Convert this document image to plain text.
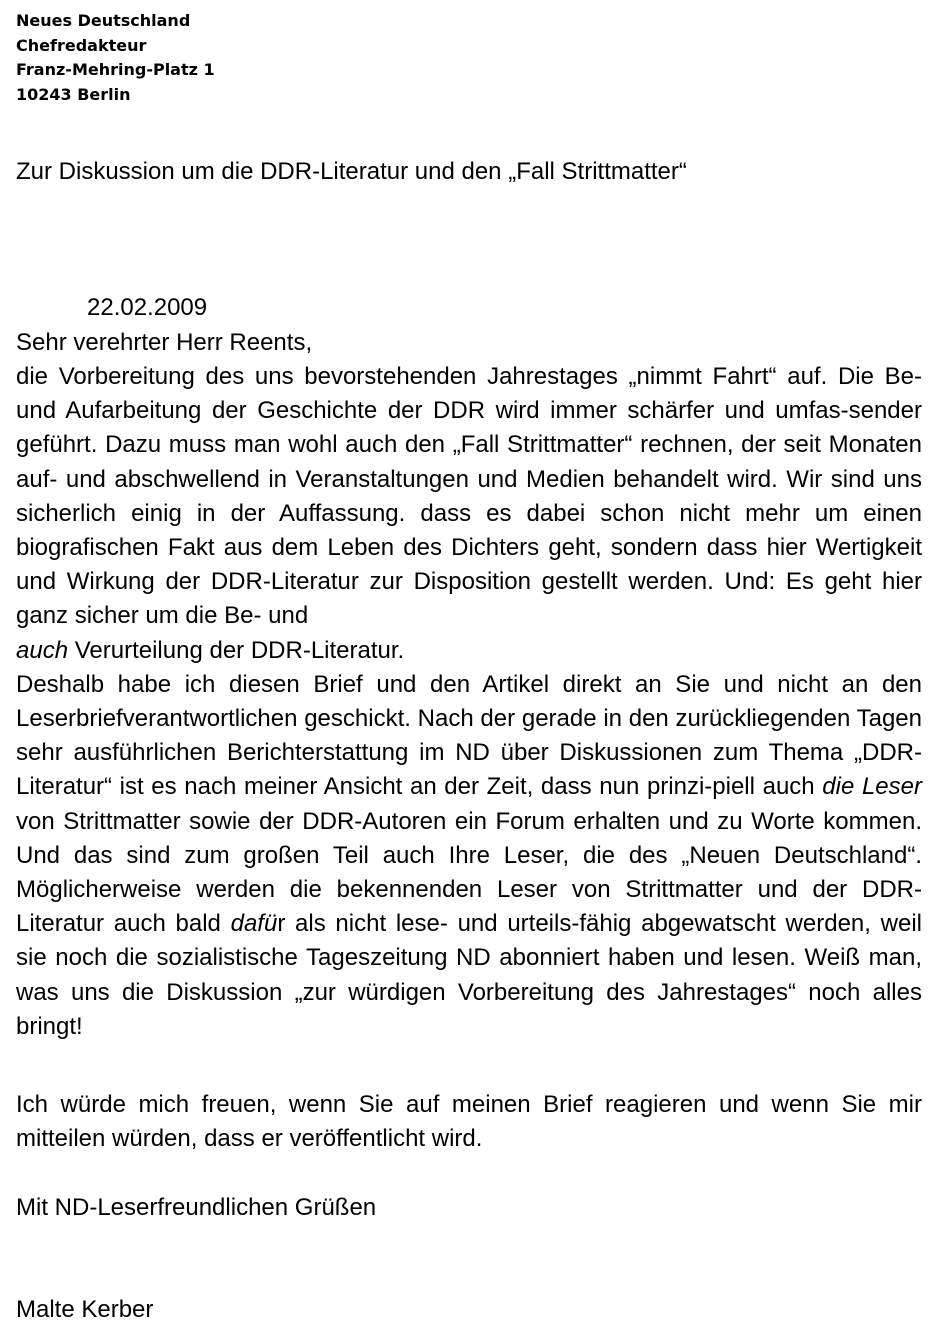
Neues Deutschland
Chefredakteur
Franz-Mehring-Platz 1
10243 Berlin
Zur Diskussion um die DDR-Literatur und den „Fall Strittmatter“
22.02.2009
Sehr verehrter Herr Reents,

die Vorbereitung des uns bevorstehenden Jahrestages „nimmt Fahrt“ auf. Die Be- und Aufarbeitung der Geschichte der DDR wird immer schärfer und umfas-sender geführt. Dazu muss man wohl auch den „Fall Strittmatter“ rechnen, der seit Monaten auf- und abschwellend in Veranstaltungen und Medien behandelt wird. Wir sind uns sicherlich einig in der Auffassung. dass es dabei schon nicht mehr um einen biografischen Fakt aus dem Leben des Dichters geht, sondern dass hier Wertigkeit und Wirkung der DDR-Literatur zur Disposition gestellt werden. Und: Es geht hier ganz sicher um die Be- und
auch Verurteilung der DDR-Literatur.

Deshalb habe ich diesen Brief und den Artikel direkt an Sie und nicht an den Leserbriefverantwortlichen geschickt. Nach der gerade in den zurückliegenden Tagen sehr ausführlichen Berichterstattung im ND über Diskussionen zum Thema „DDR-Literatur“ ist es nach meiner Ansicht an der Zeit, dass nun prinzi-piell auch die Leser von Strittmatter sowie der DDR-Autoren ein Forum erhalten und zu Worte kommen. Und das sind zum großen Teil auch Ihre Leser, die des „Neuen Deutschland“. Möglicherweise werden die bekennenden Leser von Strittmatter und der DDR-Literatur auch bald dafür als nicht lese- und urteils-fähig abgewatscht werden, weil sie noch die sozialistische Tageszeitung ND abonniert haben und lesen. Weiß man, was uns die Diskussion „zur würdigen Vorbereitung des Jahrestages“ noch alles bringt!

Ich würde mich freuen, wenn Sie auf meinen Brief reagieren und wenn Sie mir mitteilen würden, dass er veröffentlicht wird.

Mit ND-Leserfreundlichen Grüßen
Malte Kerber
